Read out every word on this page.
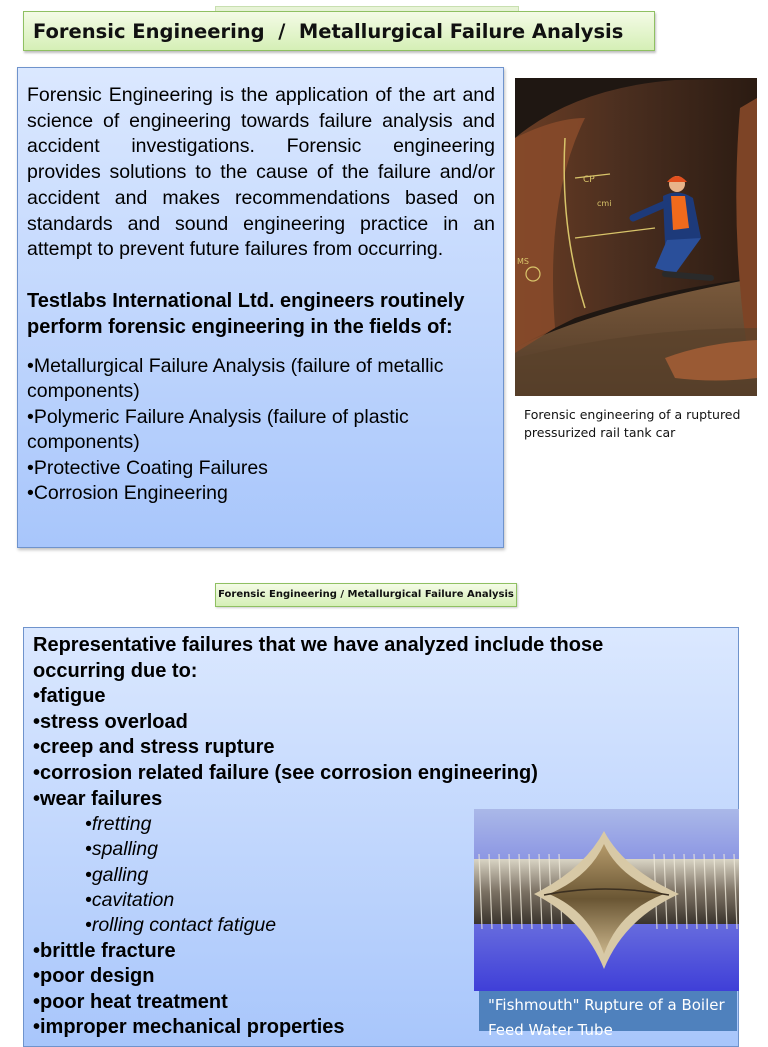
Forensic Engineering  /  Metallurgical Failure Analysis

Forensic Engineering is the application of the art and science of engineering towards failure analysis and accident investigations. Forensic engineering provides solutions to the cause of the failure and/or accident and makes recommendations based on standards and sound engineering practice in an attempt to prevent future failures from occurring.

Testlabs International Ltd. engineers routinely perform forensic engineering in the fields of:

•Metallurgical Failure Analysis (failure of metallic components)
•Polymeric Failure Analysis (failure of plastic components)
•Protective Coating Failures
•Corrosion Engineering
CP
cmi
MS
Forensic engineering of a ruptured pressurized rail tank car
Forensic Engineering / Metallurgical Failure Analysis

Representative failures that we have analyzed include those occurring due to:

•fatigue
•stress overload
•creep and stress rupture
•corrosion related failure (see corrosion engineering)
•wear failures
•fretting
•spalling
•galling
•cavitation
•rolling contact fatigue
•brittle fracture
•poor design
•poor heat treatment
•improper mechanical properties
"Fishmouth" Rupture of a Boiler Feed Water Tube
